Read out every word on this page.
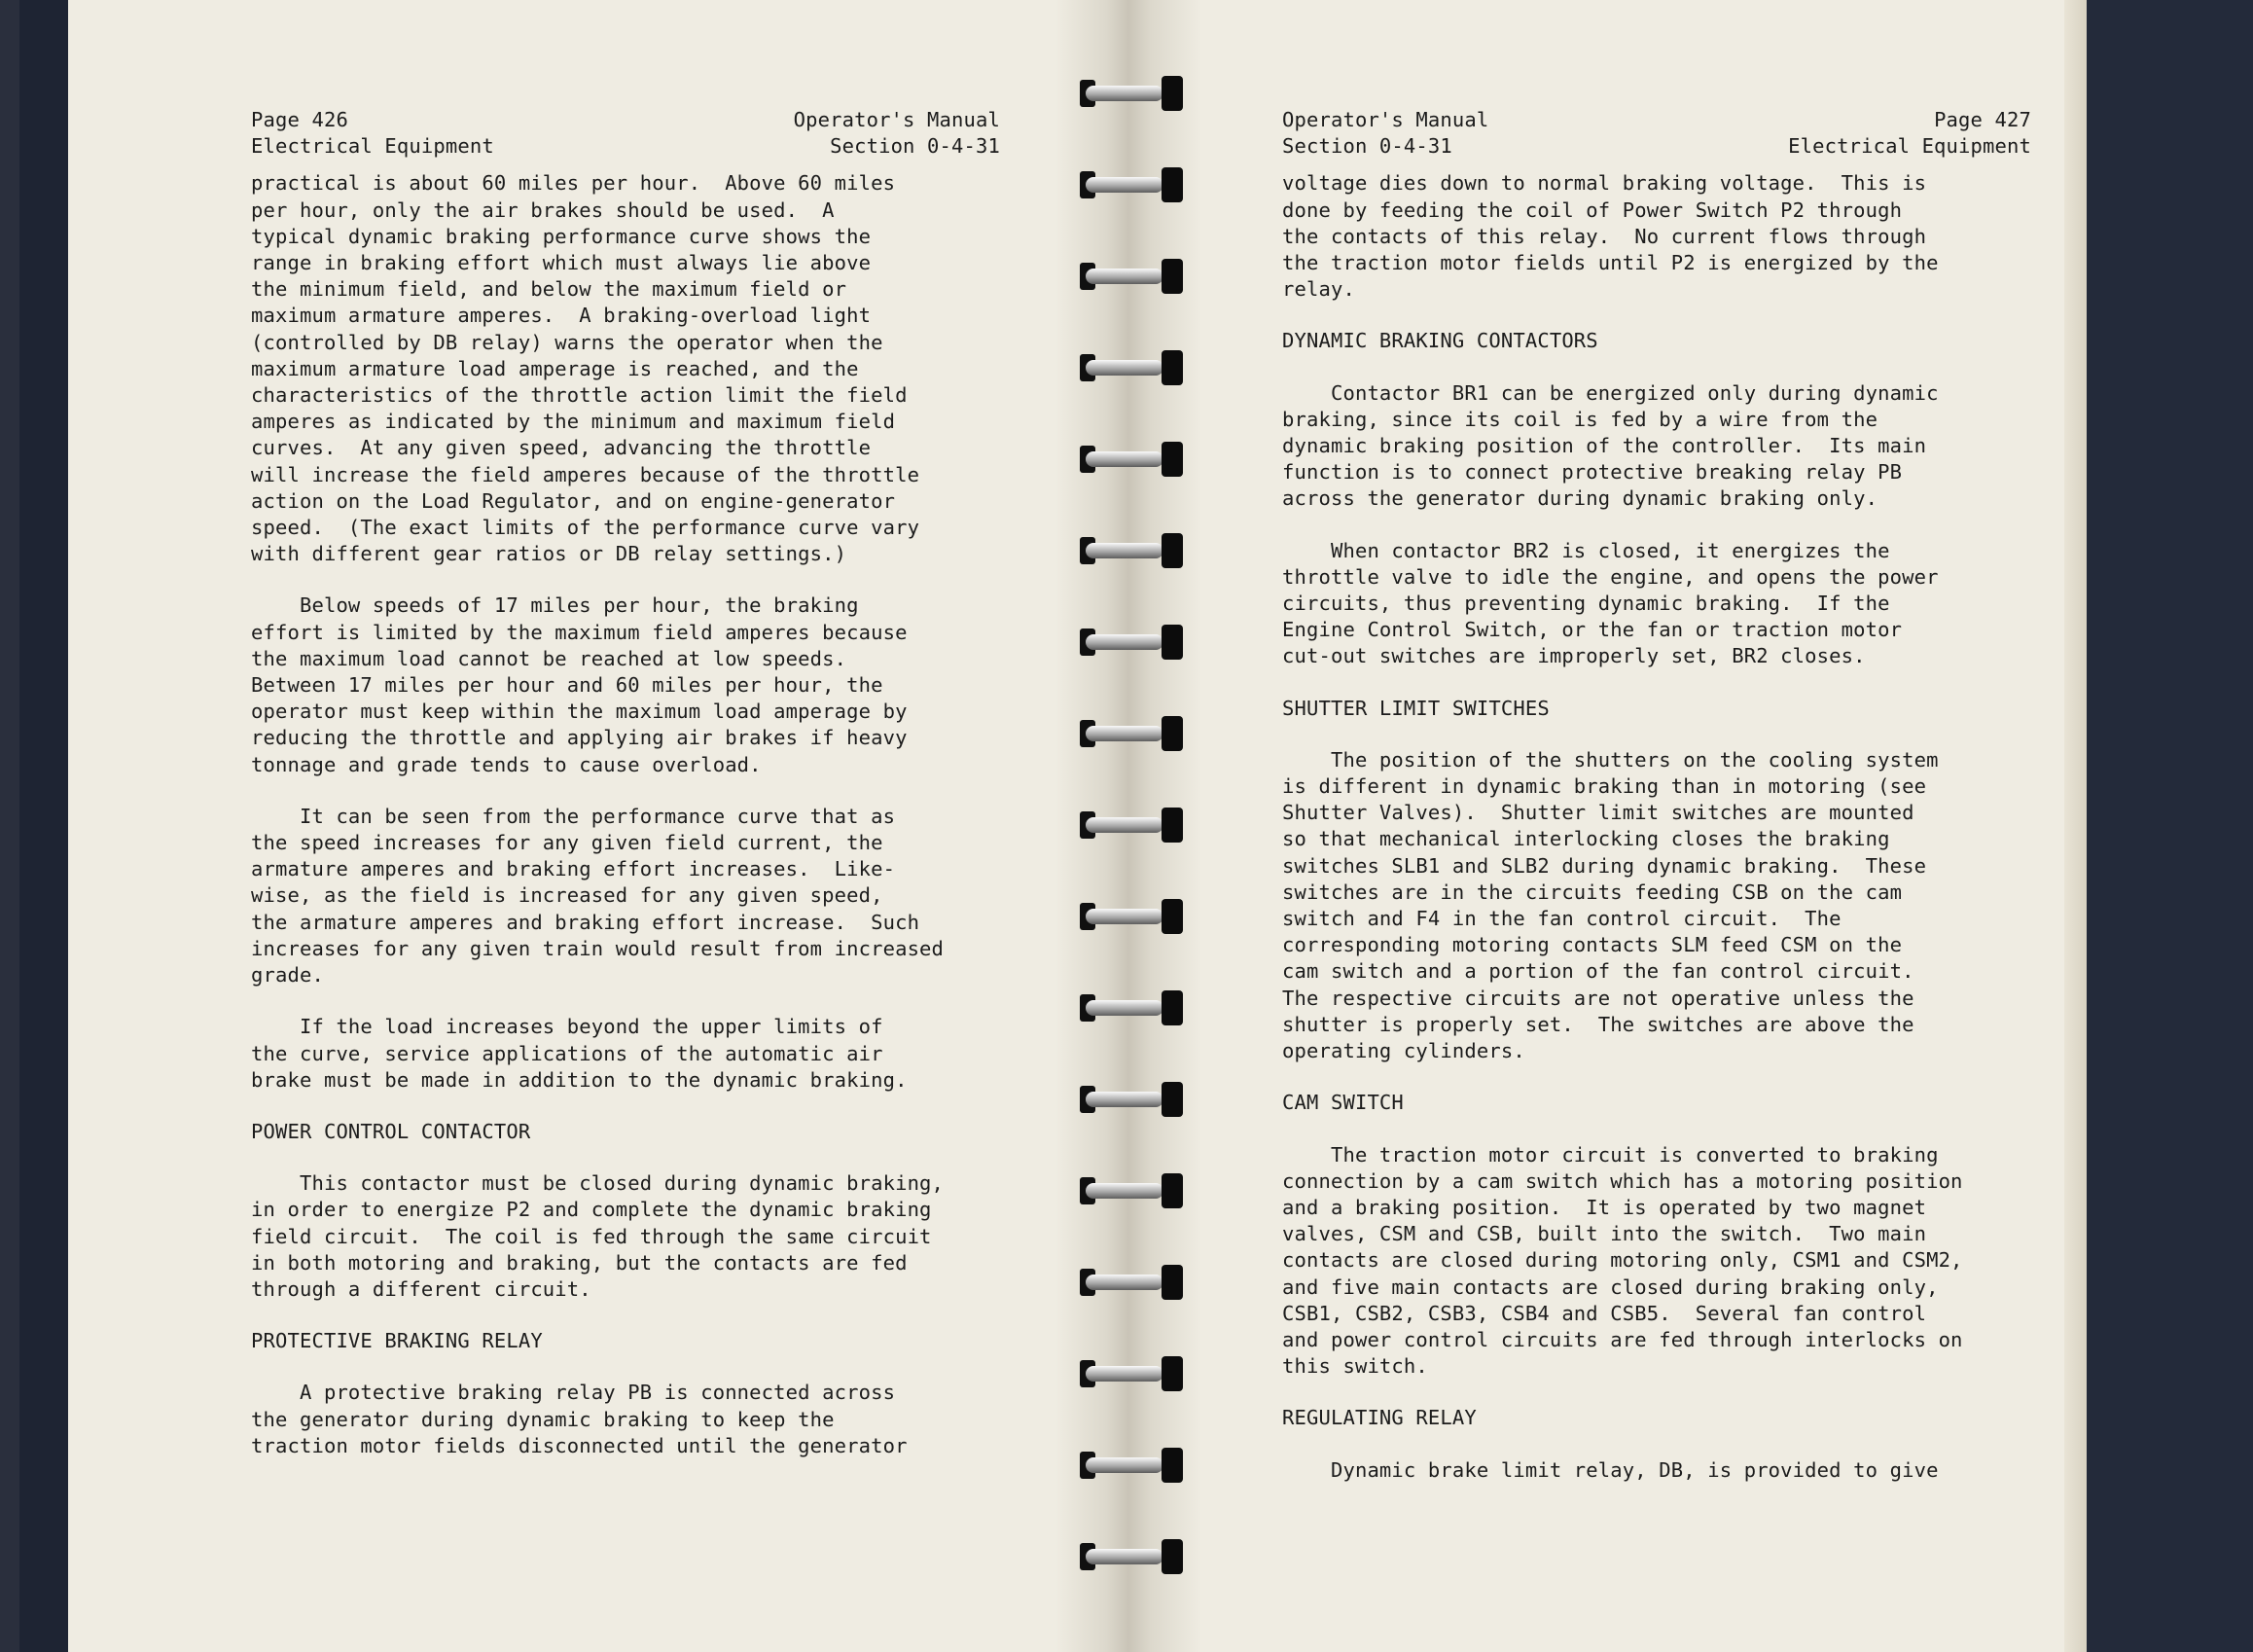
Page 426
Electrical Equipment
Operator's Manual
Section 0-4-31
practical is about 60 miles per hour.  Above 60 miles
per hour, only the air brakes should be used.  A
typical dynamic braking performance curve shows the
range in braking effort which must always lie above
the minimum field, and below the maximum field or
maximum armature amperes.  A braking-overload light
(controlled by DB relay) warns the operator when the
maximum armature load amperage is reached, and the
characteristics of the throttle action limit the field
amperes as indicated by the minimum and maximum field
curves.  At any given speed, advancing the throttle
will increase the field amperes because of the throttle
action on the Load Regulator, and on engine-generator
speed.  (The exact limits of the performance curve vary
with different gear ratios or DB relay settings.)
Below speeds of 17 miles per hour, the braking
effort is limited by the maximum field amperes because
the maximum load cannot be reached at low speeds.
Between 17 miles per hour and 60 miles per hour, the
operator must keep within the maximum load amperage by
reducing the throttle and applying air brakes if heavy
tonnage and grade tends to cause overload.
It can be seen from the performance curve that as
the speed increases for any given field current, the
armature amperes and braking effort increases.  Like-
wise, as the field is increased for any given speed,
the armature amperes and braking effort increase.  Such
increases for any given train would result from increased
grade.
If the load increases beyond the upper limits of
the curve, service applications of the automatic air
brake must be made in addition to the dynamic braking.
POWER CONTROL CONTACTOR
This contactor must be closed during dynamic braking,
in order to energize P2 and complete the dynamic braking
field circuit.  The coil is fed through the same circuit
in both motoring and braking, but the contacts are fed
through a different circuit.
PROTECTIVE BRAKING RELAY
A protective braking relay PB is connected across
the generator during dynamic braking to keep the
traction motor fields disconnected until the generator
Operator's Manual
Section 0-4-31
Page 427
Electrical Equipment
voltage dies down to normal braking voltage.  This is
done by feeding the coil of Power Switch P2 through
the contacts of this relay.  No current flows through
the traction motor fields until P2 is energized by the
relay.
DYNAMIC BRAKING CONTACTORS
Contactor BR1 can be energized only during dynamic
braking, since its coil is fed by a wire from the
dynamic braking position of the controller.  Its main
function is to connect protective breaking relay PB
across the generator during dynamic braking only.
When contactor BR2 is closed, it energizes the
throttle valve to idle the engine, and opens the power
circuits, thus preventing dynamic braking.  If the
Engine Control Switch, or the fan or traction motor
cut-out switches are improperly set, BR2 closes.
SHUTTER LIMIT SWITCHES
The position of the shutters on the cooling system
is different in dynamic braking than in motoring (see
Shutter Valves).  Shutter limit switches are mounted
so that mechanical interlocking closes the braking
switches SLB1 and SLB2 during dynamic braking.  These
switches are in the circuits feeding CSB on the cam
switch and F4 in the fan control circuit.  The
corresponding motoring contacts SLM feed CSM on the
cam switch and a portion of the fan control circuit.
The respective circuits are not operative unless the
shutter is properly set.  The switches are above the
operating cylinders.
CAM SWITCH
The traction motor circuit is converted to braking
connection by a cam switch which has a motoring position
and a braking position.  It is operated by two magnet
valves, CSM and CSB, built into the switch.  Two main
contacts are closed during motoring only, CSM1 and CSM2,
and five main contacts are closed during braking only,
CSB1, CSB2, CSB3, CSB4 and CSB5.  Several fan control
and power control circuits are fed through interlocks on
this switch.
REGULATING RELAY
Dynamic brake limit relay, DB, is provided to give
